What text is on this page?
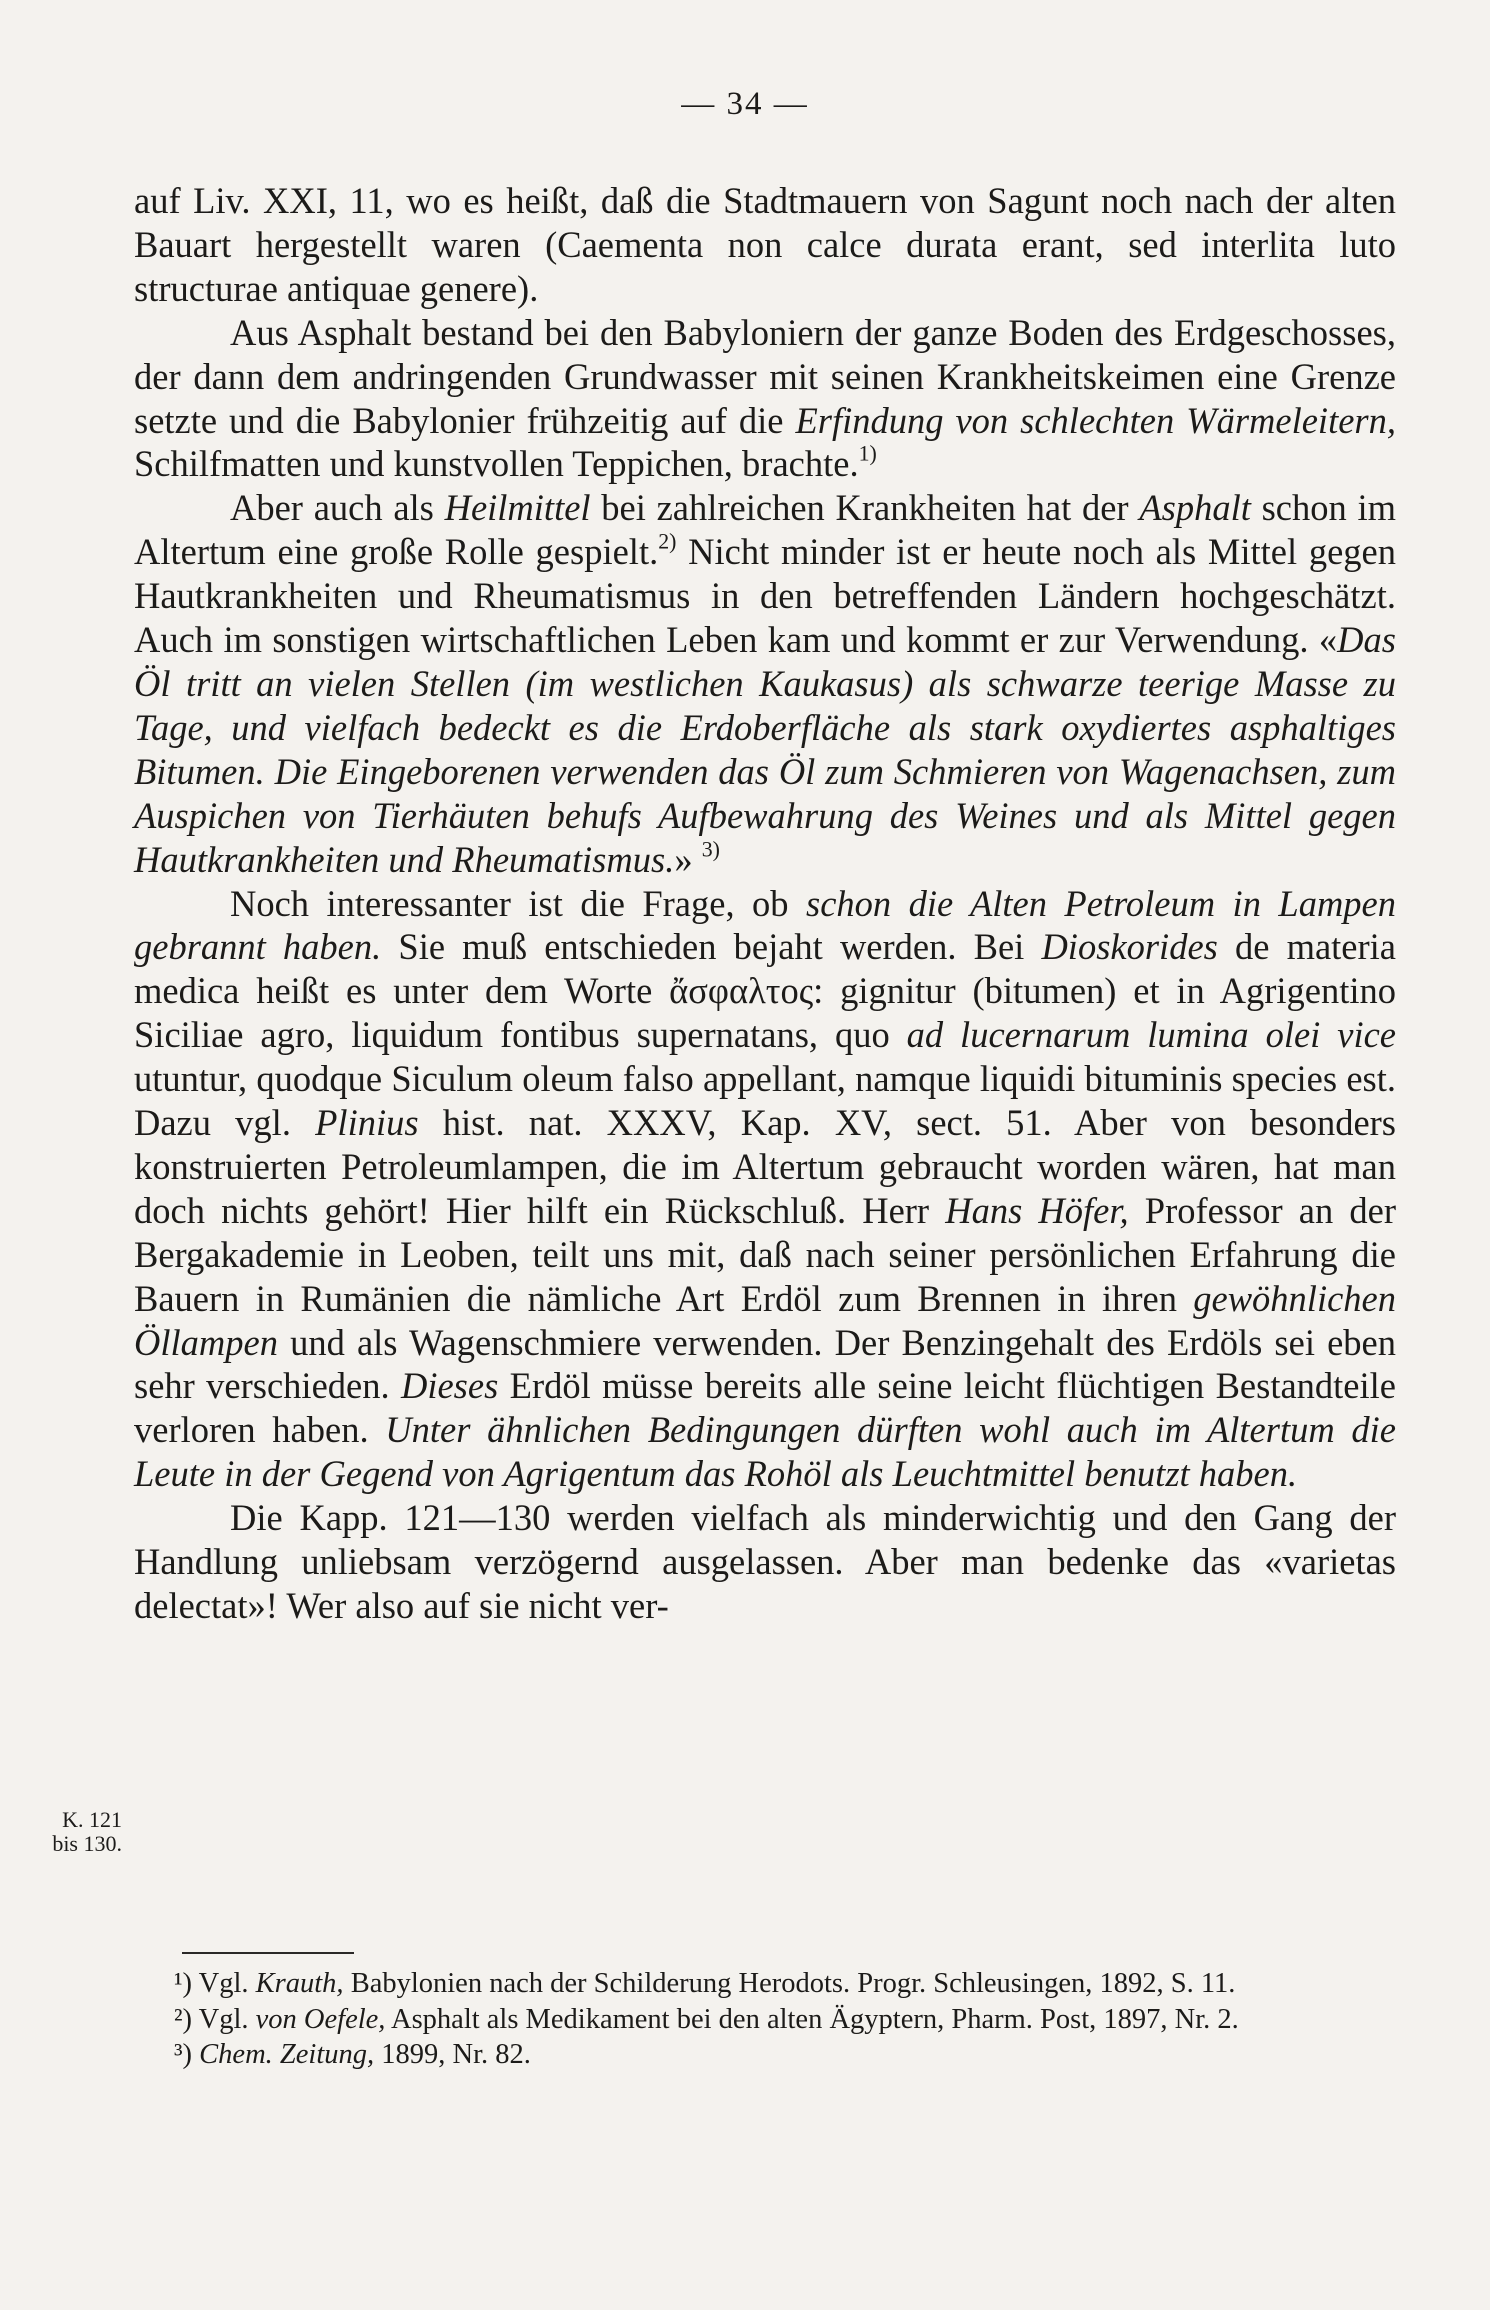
— 34 —

auf Liv. XXI, 11, wo es heißt, daß die Stadtmauern von Sagunt noch nach der alten Bauart hergestellt waren (Caementa non calce durata erant, sed interlita luto structurae antiquae genere).

Aus Asphalt bestand bei den Babyloniern der ganze Boden des Erdgeschosses, der dann dem andringenden Grundwasser mit seinen Krankheitskeimen eine Grenze setzte und die Babylonier frühzeitig auf die Erfindung von schlechten Wärmeleitern, Schilfmatten und kunstvollen Teppichen, brachte.$^{1)}$

Aber auch als Heilmittel bei zahlreichen Krankheiten hat der Asphalt schon im Altertum eine große Rolle gespielt.$^{2)}$ Nicht minder ist er heute noch als Mittel gegen Hautkrankheiten und Rheumatismus in den betreffenden Ländern hochgeschätzt. Auch im sonstigen wirtschaftlichen Leben kam und kommt er zur Verwendung. «Das Öl tritt an vielen Stellen (im westlichen Kaukasus) als schwarze teerige Masse zu Tage, und vielfach bedeckt es die Erdoberfläche als stark oxydiertes asphaltiges Bitumen. Die Eingeborenen verwenden das Öl zum Schmieren von Wagenachsen, zum Auspichen von Tierhäuten behufs Aufbewahrung des Weines und als Mittel gegen Hautkrankheiten und Rheumatismus.» $^{3)}$

Noch interessanter ist die Frage, ob schon die Alten Petroleum in Lampen gebrannt haben. Sie muß entschieden bejaht werden. Bei Dioskorides de materia medica heißt es unter dem Worte ἄσφαλτος: gignitur (bitumen) et in Agrigentino Siciliae agro, liquidum fontibus supernatans, quo ad lucernarum lumina olei vice utuntur, quodque Siculum oleum falso appellant, namque liquidi bituminis species est. Dazu vgl. Plinius hist. nat. XXXV, Kap. XV, sect. 51. Aber von besonders konstruierten Petroleumlampen, die im Altertum gebraucht worden wären, hat man doch nichts gehört! Hier hilft ein Rückschluß. Herr Hans Höfer, Professor an der Bergakademie in Leoben, teilt uns mit, daß nach seiner persönlichen Erfahrung die Bauern in Rumänien die nämliche Art Erdöl zum Brennen in ihren gewöhnlichen Öllampen und als Wagenschmiere verwenden. Der Benzingehalt des Erdöls sei eben sehr verschieden. Dieses Erdöl müsse bereits alle seine leicht flüchtigen Bestandteile verloren haben. Unter ähnlichen Bedingungen dürften wohl auch im Altertum die Leute in der Gegend von Agrigentum das Rohöl als Leuchtmittel benutzt haben.

Die Kapp. 121—130 werden vielfach als minderwichtig und den Gang der Handlung unliebsam verzögernd ausgelassen. Aber man bedenke das «varietas delectat»! Wer also auf sie nicht ver-

K. 121
bis 130.

¹) Vgl. Krauth, Babylonien nach der Schilderung Herodots. Progr. Schleusingen, 1892, S. 11.

²) Vgl. von Oefele, Asphalt als Medikament bei den alten Ägyptern, Pharm. Post, 1897, Nr. 2.

³) Chem. Zeitung, 1899, Nr. 82.
